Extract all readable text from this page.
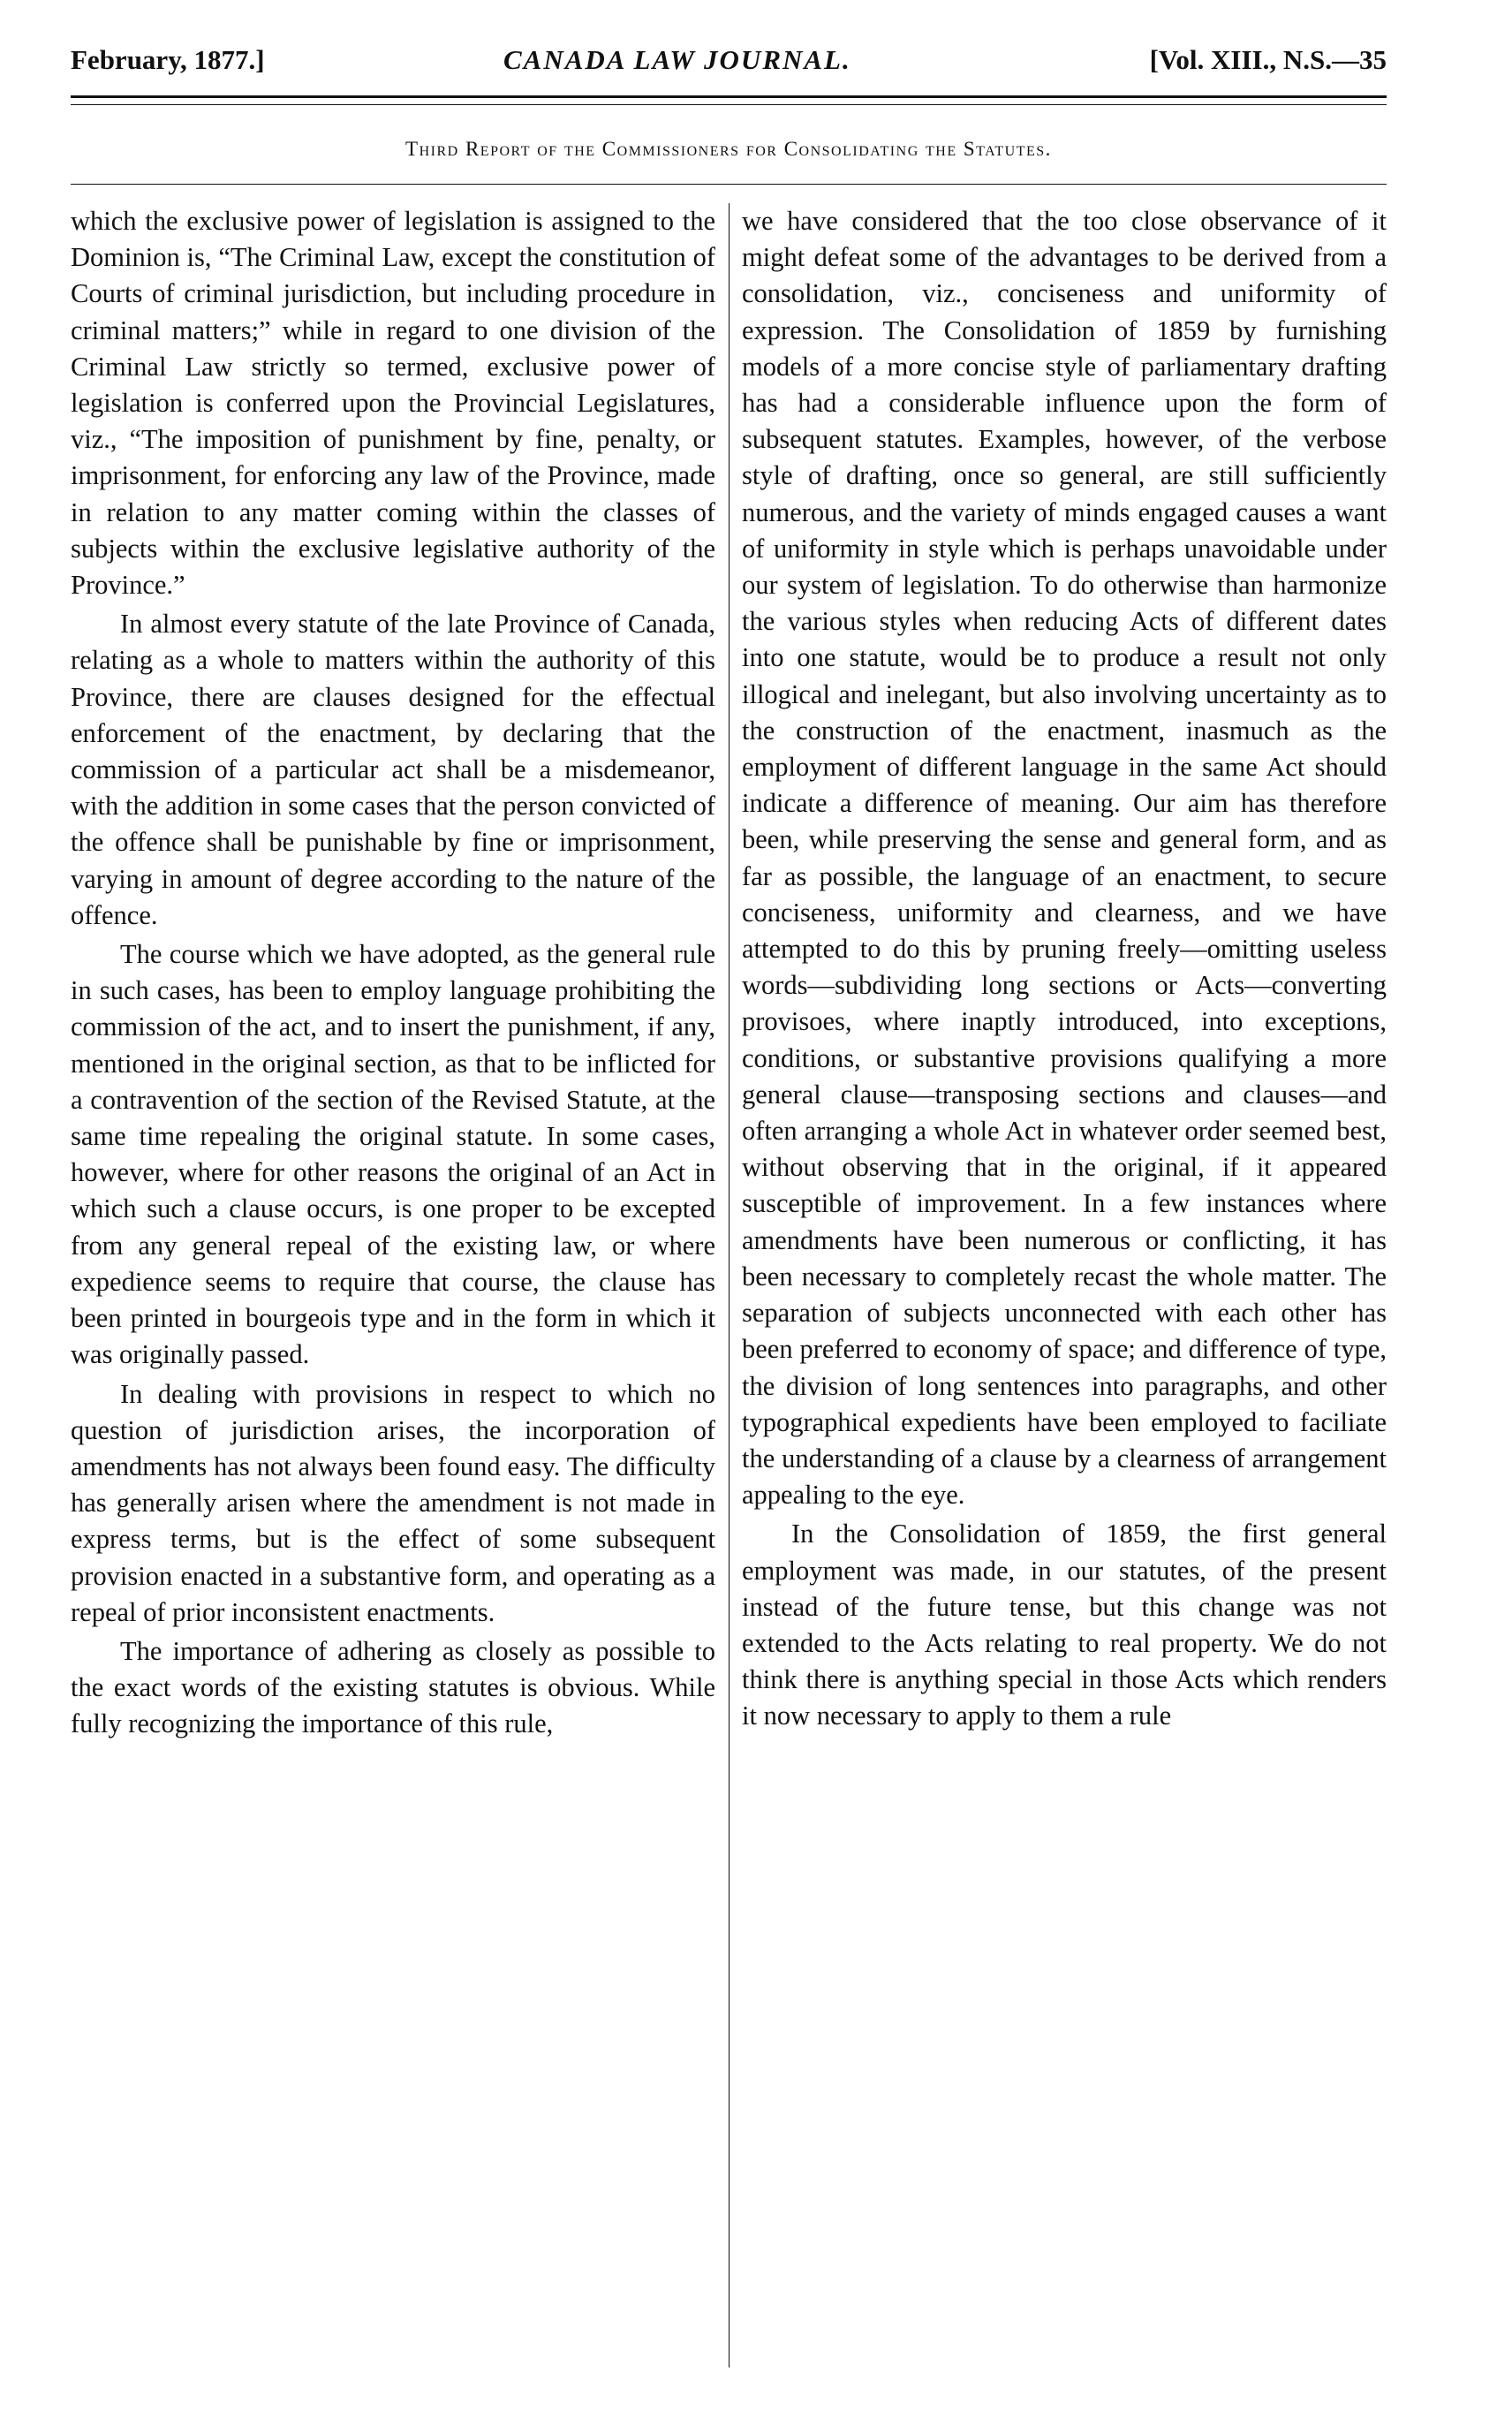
February, 1877.]	CANADA LAW JOURNAL.	[Vol. XIII., N.S.—35
Third Report of the Commissioners for Consolidating the Statutes.

which the exclusive power of legislation is assigned to the Dominion is, “The Criminal Law, except the constitution of Courts of criminal jurisdiction, but including procedure in criminal matters;” while in regard to one division of the Criminal Law strictly so termed, exclusive power of legislation is conferred upon the Provincial Legislatures, viz., “The imposition of punishment by fine, penalty, or imprisonment, for enforcing any law of the Province, made in relation to any matter coming within the classes of subjects within the exclusive legislative authority of the Province.”

In almost every statute of the late Province of Canada, relating as a whole to matters within the authority of this Province, there are clauses designed for the effectual enforcement of the enactment, by declaring that the commission of a particular act shall be a misdemeanor, with the addition in some cases that the person convicted of the offence shall be punishable by fine or imprisonment, varying in amount of degree according to the nature of the offence.

The course which we have adopted, as the general rule in such cases, has been to employ language prohibiting the commission of the act, and to insert the punishment, if any, mentioned in the original section, as that to be inflicted for a contravention of the section of the Revised Statute, at the same time repealing the original statute. In some cases, however, where for other reasons the original of an Act in which such a clause occurs, is one proper to be excepted from any general repeal of the existing law, or where expedience seems to require that course, the clause has been printed in bourgeois type and in the form in which it was originally passed.

In dealing with provisions in respect to which no question of jurisdiction arises, the incorporation of amendments has not always been found easy. The difficulty has generally arisen where the amendment is not made in express terms, but is the effect of some subsequent provision enacted in a substantive form, and operating as a repeal of prior inconsistent enactments.

The importance of adhering as closely as possible to the exact words of the existing statutes is obvious. While fully recognizing the importance of this rule,

we have considered that the too close observance of it might defeat some of the advantages to be derived from a consolidation, viz., conciseness and uniformity of expression. The Consolidation of 1859 by furnishing models of a more concise style of parliamentary drafting has had a considerable influence upon the form of subsequent statutes. Examples, however, of the verbose style of drafting, once so general, are still sufficiently numerous, and the variety of minds engaged causes a want of uniformity in style which is perhaps unavoidable under our system of legislation. To do otherwise than harmonize the various styles when reducing Acts of different dates into one statute, would be to produce a result not only illogical and inelegant, but also involving uncertainty as to the construction of the enactment, inasmuch as the employment of different language in the same Act should indicate a difference of meaning. Our aim has therefore been, while preserving the sense and general form, and as far as possible, the language of an enactment, to secure conciseness, uniformity and clearness, and we have attempted to do this by pruning freely—omitting useless words—subdividing long sections or Acts—converting provisoes, where inaptly introduced, into exceptions, conditions, or substantive provisions qualifying a more general clause—transposing sections and clauses—and often arranging a whole Act in whatever order seemed best, without observing that in the original, if it appeared susceptible of improvement. In a few instances where amendments have been numerous or conflicting, it has been necessary to completely recast the whole matter. The separation of subjects unconnected with each other has been preferred to economy of space; and difference of type, the division of long sentences into paragraphs, and other typographical expedients have been employed to faciliate the understanding of a clause by a clearness of arrangement appealing to the eye.

In the Consolidation of 1859, the first general employment was made, in our statutes, of the present instead of the future tense, but this change was not extended to the Acts relating to real property. We do not think there is anything special in those Acts which renders it now necessary to apply to them a rule
